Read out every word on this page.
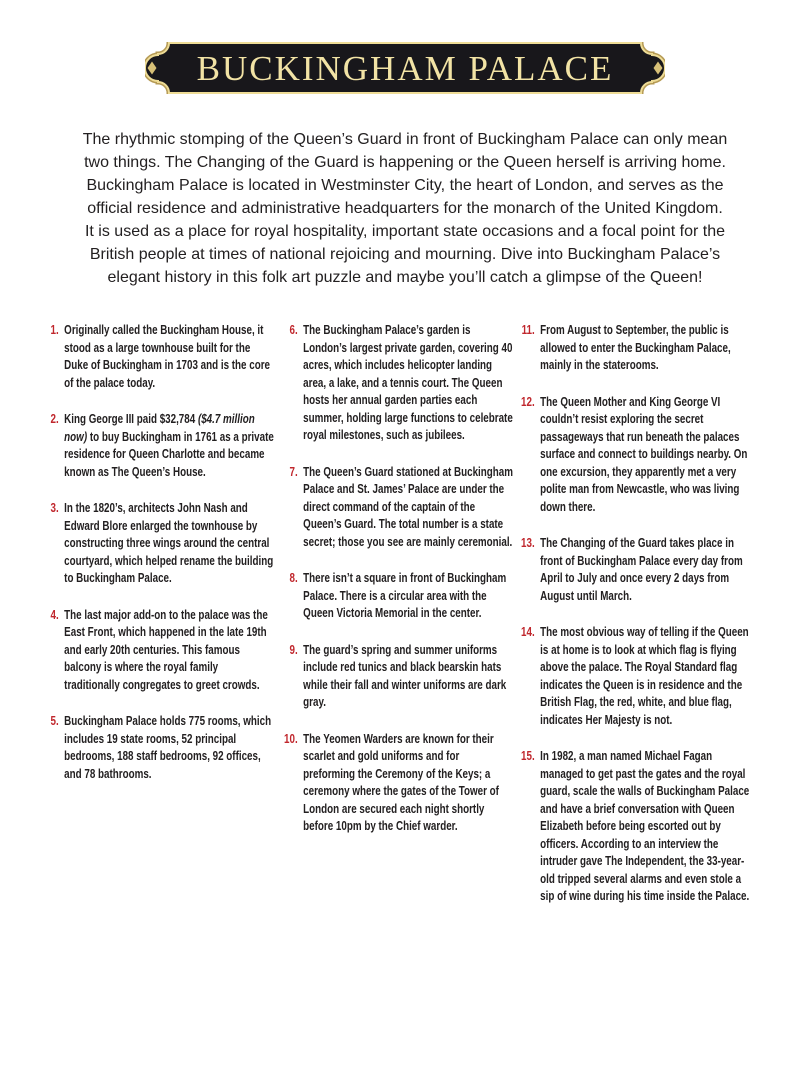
BUCKINGHAM PALACE
The rhythmic stomping of the Queen’s Guard in front of Buckingham Palace can only mean
two things. The Changing of the Guard is happening or the Queen herself is arriving home.
Buckingham Palace is located in Westminster City, the heart of London, and serves as the
official residence and administrative headquarters for the monarch of the United Kingdom.
It is used as a place for royal hospitality, important state occasions and a focal point for the
British people at times of national rejoicing and mourning. Dive into Buckingham Palace’s
elegant history in this folk art puzzle and maybe you’ll catch a glimpse of the Queen!
1. Originally called the Buckingham House, it stood as a large townhouse built for the Duke of Buckingham in 1703 and is the core of the palace today.
2. King George III paid $32,784 ($4.7 million now) to buy Buckingham in 1761 as a private residence for Queen Charlotte and became known as The Queen’s House.
3. In the 1820’s, architects John Nash and Edward Blore enlarged the townhouse by constructing three wings around the central courtyard, which helped rename the building to Buckingham Palace.
4. The last major add-on to the palace was the East Front, which happened in the late 19th and early 20th centuries. This famous balcony is where the royal family traditionally congregates to greet crowds.
5. Buckingham Palace holds 775 rooms, which includes 19 state rooms, 52 principal bedrooms, 188 staff bedrooms, 92 offices, and 78 bathrooms.
6. The Buckingham Palace’s garden is London’s largest private garden, covering 40 acres, which includes helicopter landing area, a lake, and a tennis court. The Queen hosts her annual garden parties each summer, holding large functions to celebrate royal milestones, such as jubilees.
7. The Queen’s Guard stationed at Buckingham Palace and St. James’ Palace are under the direct command of the captain of the Queen’s Guard. The total number is a state secret; those you see are mainly ceremonial.
8. There isn’t a square in front of Buckingham Palace. There is a circular area with the Queen Victoria Memorial in the center.
9. The guard’s spring and summer uniforms include red tunics and black bearskin hats while their fall and winter uniforms are dark gray.
10. The Yeomen Warders are known for their scarlet and gold uniforms and for preforming the Ceremony of the Keys; a ceremony where the gates of the Tower of London are secured each night shortly before 10pm by the Chief warder.
11. From August to September, the public is allowed to enter the Buckingham Palace, mainly in the staterooms.
12. The Queen Mother and King George VI couldn’t resist exploring the secret passageways that run beneath the palaces surface and connect to buildings nearby. On one excursion, they apparently met a very polite man from Newcastle, who was living down there.
13. The Changing of the Guard takes place in front of Buckingham Palace every day from April to July and once every 2 days from August until March.
14. The most obvious way of telling if the Queen is at home is to look at which flag is flying above the palace. The Royal Standard flag indicates the Queen is in residence and the British Flag, the red, white, and blue flag, indicates Her Majesty is not.
15. In 1982, a man named Michael Fagan managed to get past the gates and the royal guard, scale the walls of Buckingham Palace and have a brief conversation with Queen Elizabeth before being escorted out by officers. According to an interview the intruder gave The Independent, the 33-year-old tripped several alarms and even stole a sip of wine during his time inside the Palace.
